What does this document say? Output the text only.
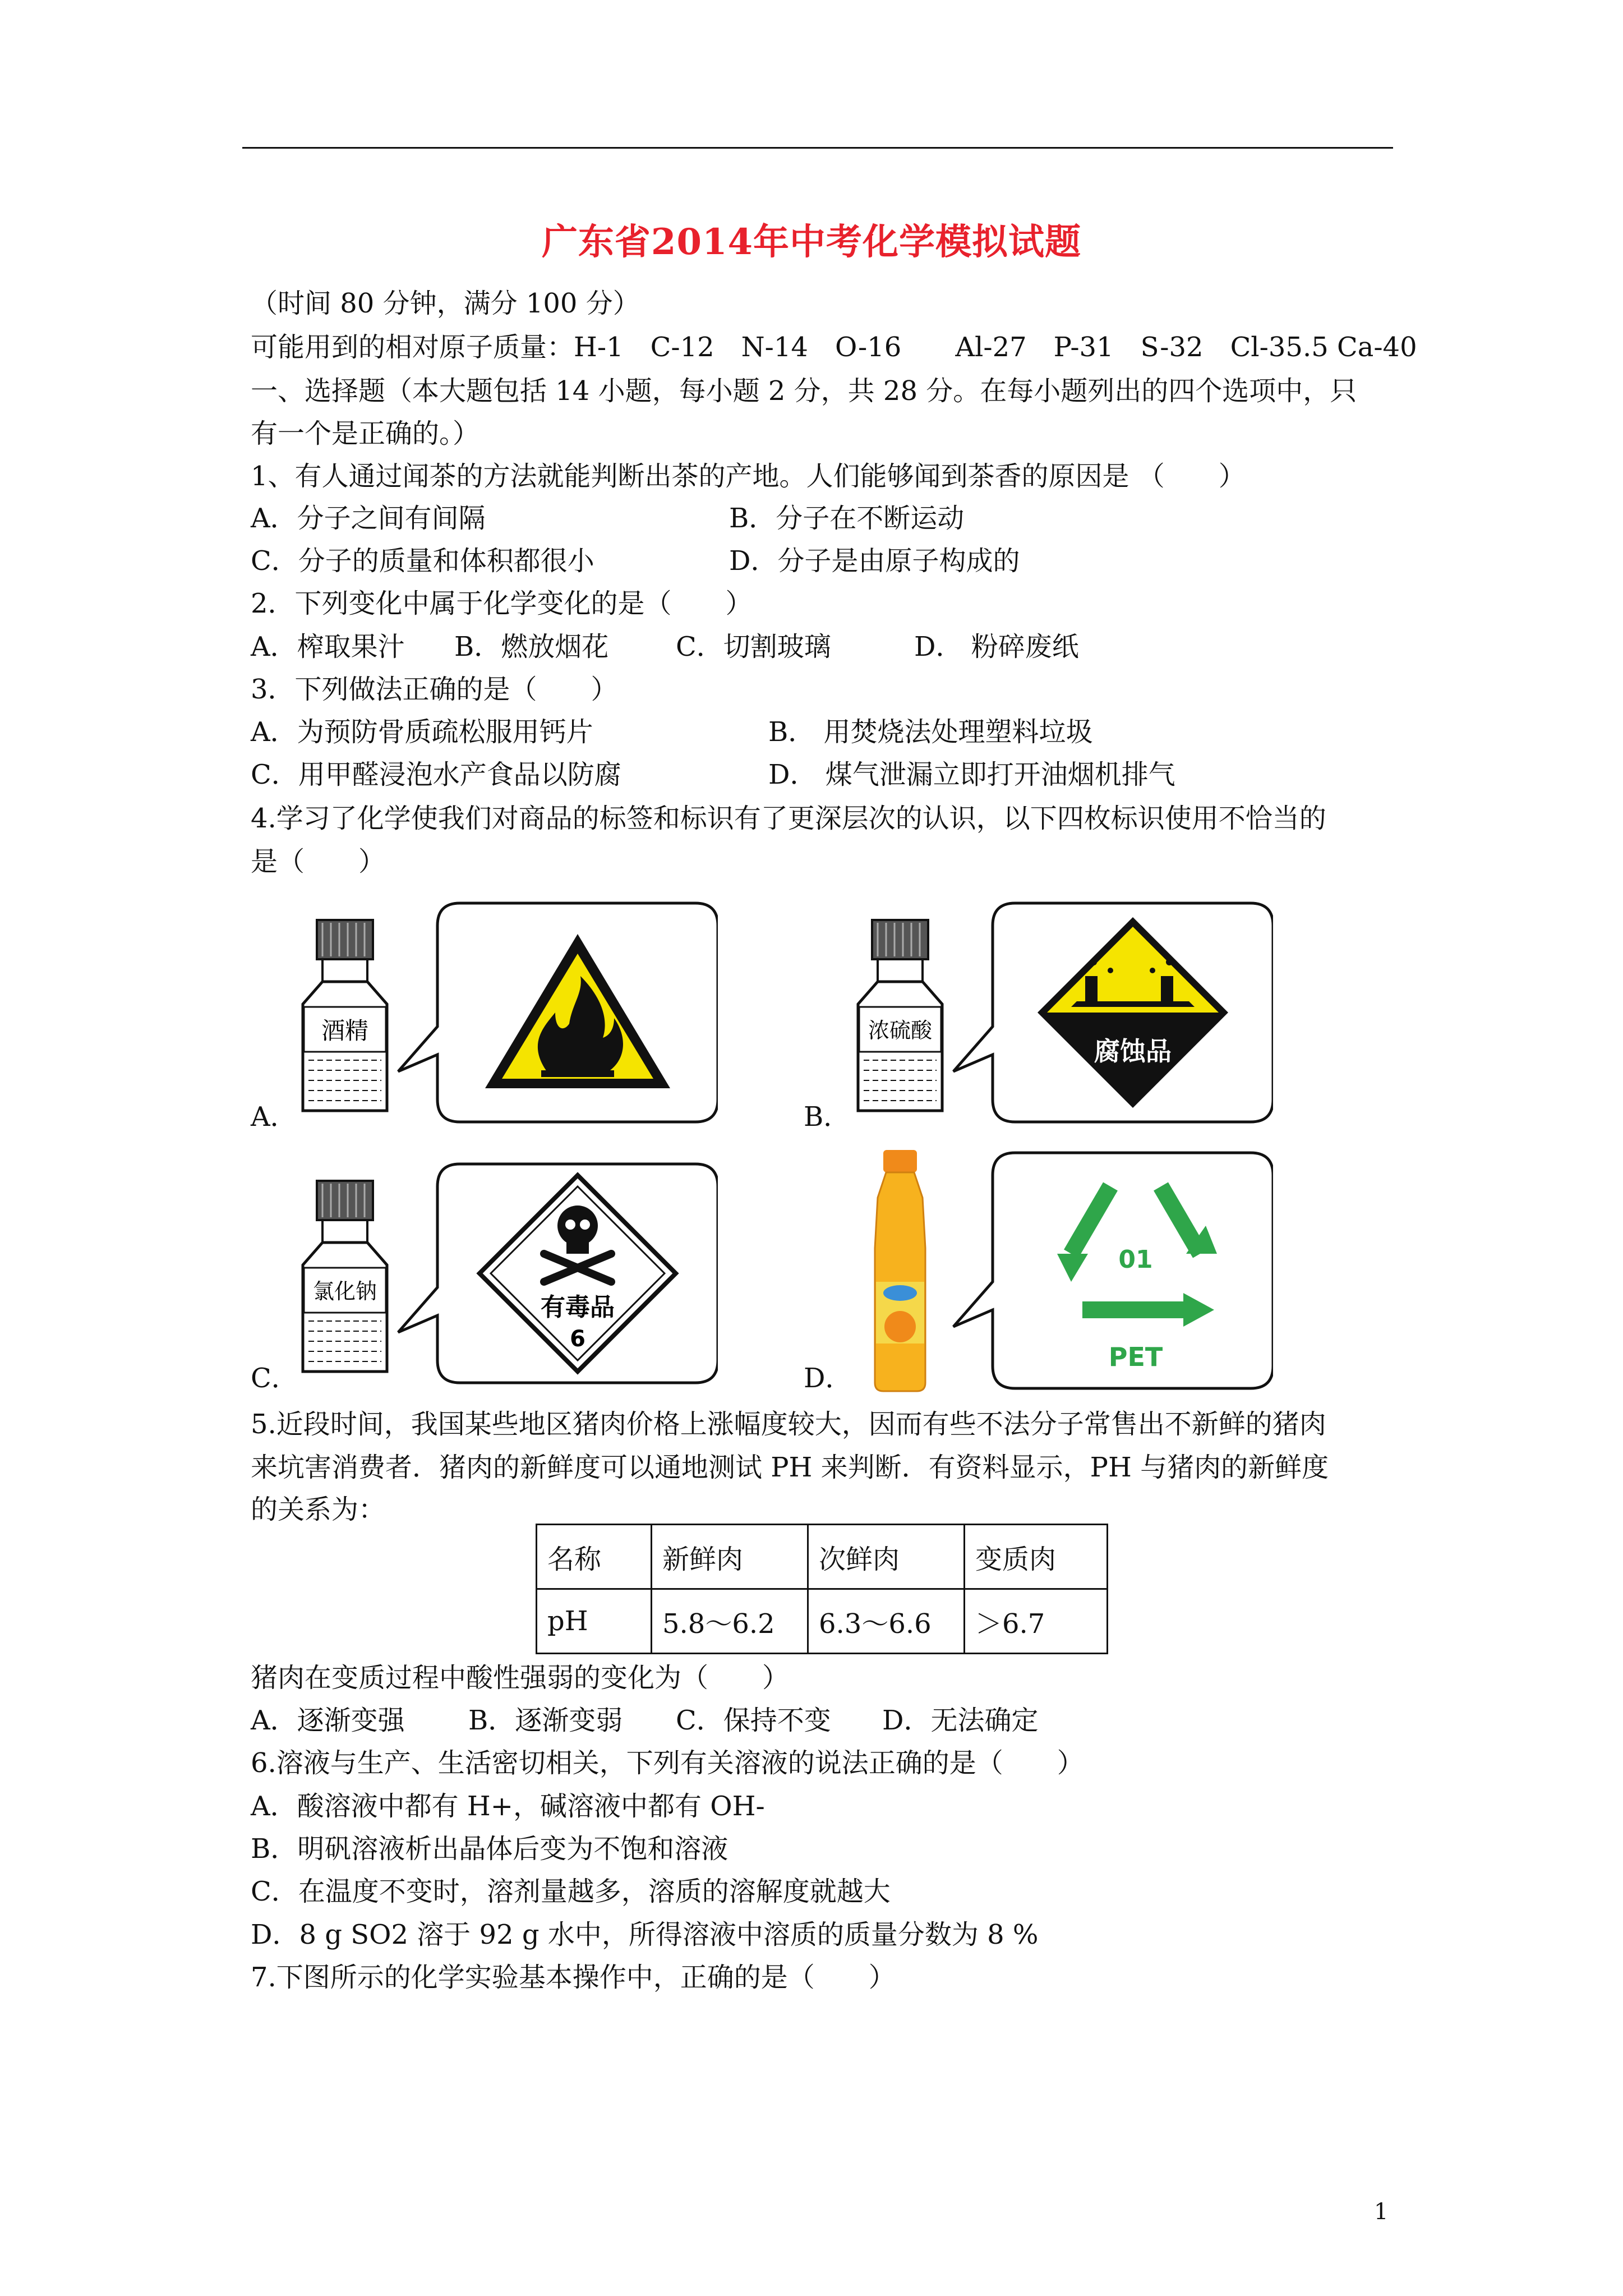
广东省2014年中考化学模拟试题
（时间 80 分钟，满分 100 分）
可能用到的相对原子质量：H-1　C-12　N-14　O-16　　Al-27　P-31　S-32　Cl-35.5 Ca-40
一、选择题（本大题包括 14 小题，每小题 2 分，共 28 分。在每小题列出的四个选项中，只
有一个是正确的。）
1、有人通过闻茶的方法就能判断出茶的产地。人们能够闻到茶香的原因是 （　　）
A．分子之间有间隔	B．分子在不断运动
C．分子的质量和体积都很小	D．分子是由原子构成的
2．下列变化中属于化学变化的是（　　）
A．榨取果汁 B．燃放烟花 C．切割玻璃	D． 粉碎废纸
3．下列做法正确的是（　　）
A．为预防骨质疏松服用钙片	B． 用焚烧法处理塑料垃圾
C．用甲醛浸泡水产食品以防腐	D． 煤气泄漏立即打开油烟机排气
4.学习了化学使我们对商品的标签和标识有了更深层次的认识，以下四枚标识使用不恰当的
是（　　）
酒精
A．
浓硫酸
腐蚀品
B．
氯化钠
有毒品
6
C．
01
PET
D．
5.近段时间，我国某些地区猪肉价格上涨幅度较大，因而有些不法分子常售出不新鲜的猪肉
来坑害消费者．猪肉的新鲜度可以通地测试 PH 来判断．有资料显示，PH 与猪肉的新鲜度
的关系为：
名称	新鲜肉	次鲜肉	变质肉
pH	5.8～6.2	6.3～6.6	＞6.7
猪肉在变质过程中酸性强弱的变化为（　　）
A．逐渐变强 B．逐渐变弱 C．保持不变 D．无法确定
6.溶液与生产、生活密切相关，下列有关溶液的说法正确的是（　　）
A．酸溶液中都有 H+，碱溶液中都有 OH-
B．明矾溶液析出晶体后变为不饱和溶液
C．在温度不变时，溶剂量越多，溶质的溶解度就越大
D．8 g SO2 溶于 92 g 水中，所得溶液中溶质的质量分数为 8 %
7.下图所示的化学实验基本操作中，正确的是（　　）
1
